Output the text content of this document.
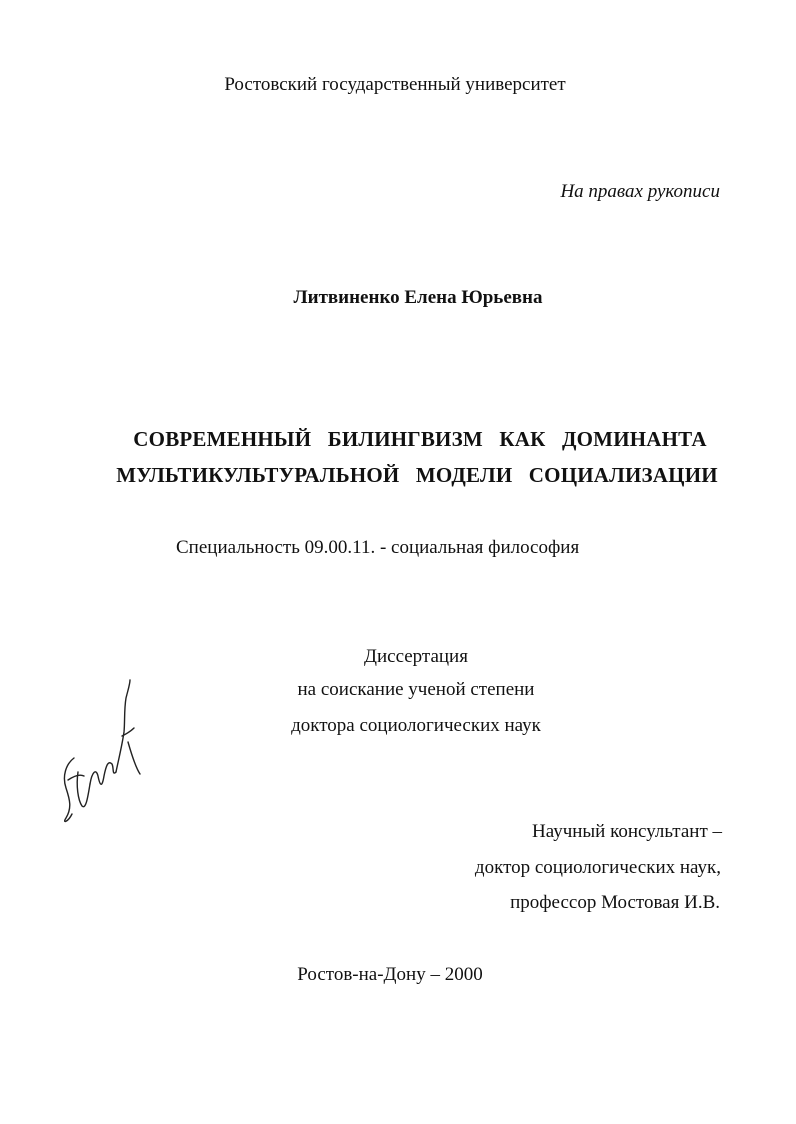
Ростовский государственный университет
На правах рукописи
Литвиненко Елена Юрьевна
СОВРЕМЕННЫЙ БИЛИНГВИЗМ КАК ДОМИНАНТА
МУЛЬТИКУЛЬТУРАЛЬНОЙ МОДЕЛИ СОЦИАЛИЗАЦИИ
Специальность 09.00.11. - социальная философия
Диссертация
на соискание ученой степени
доктора социологических наук
Научный консультант –
доктор социологических наук,
профессор Мостовая И.В.
Ростов-на-Дону – 2000
